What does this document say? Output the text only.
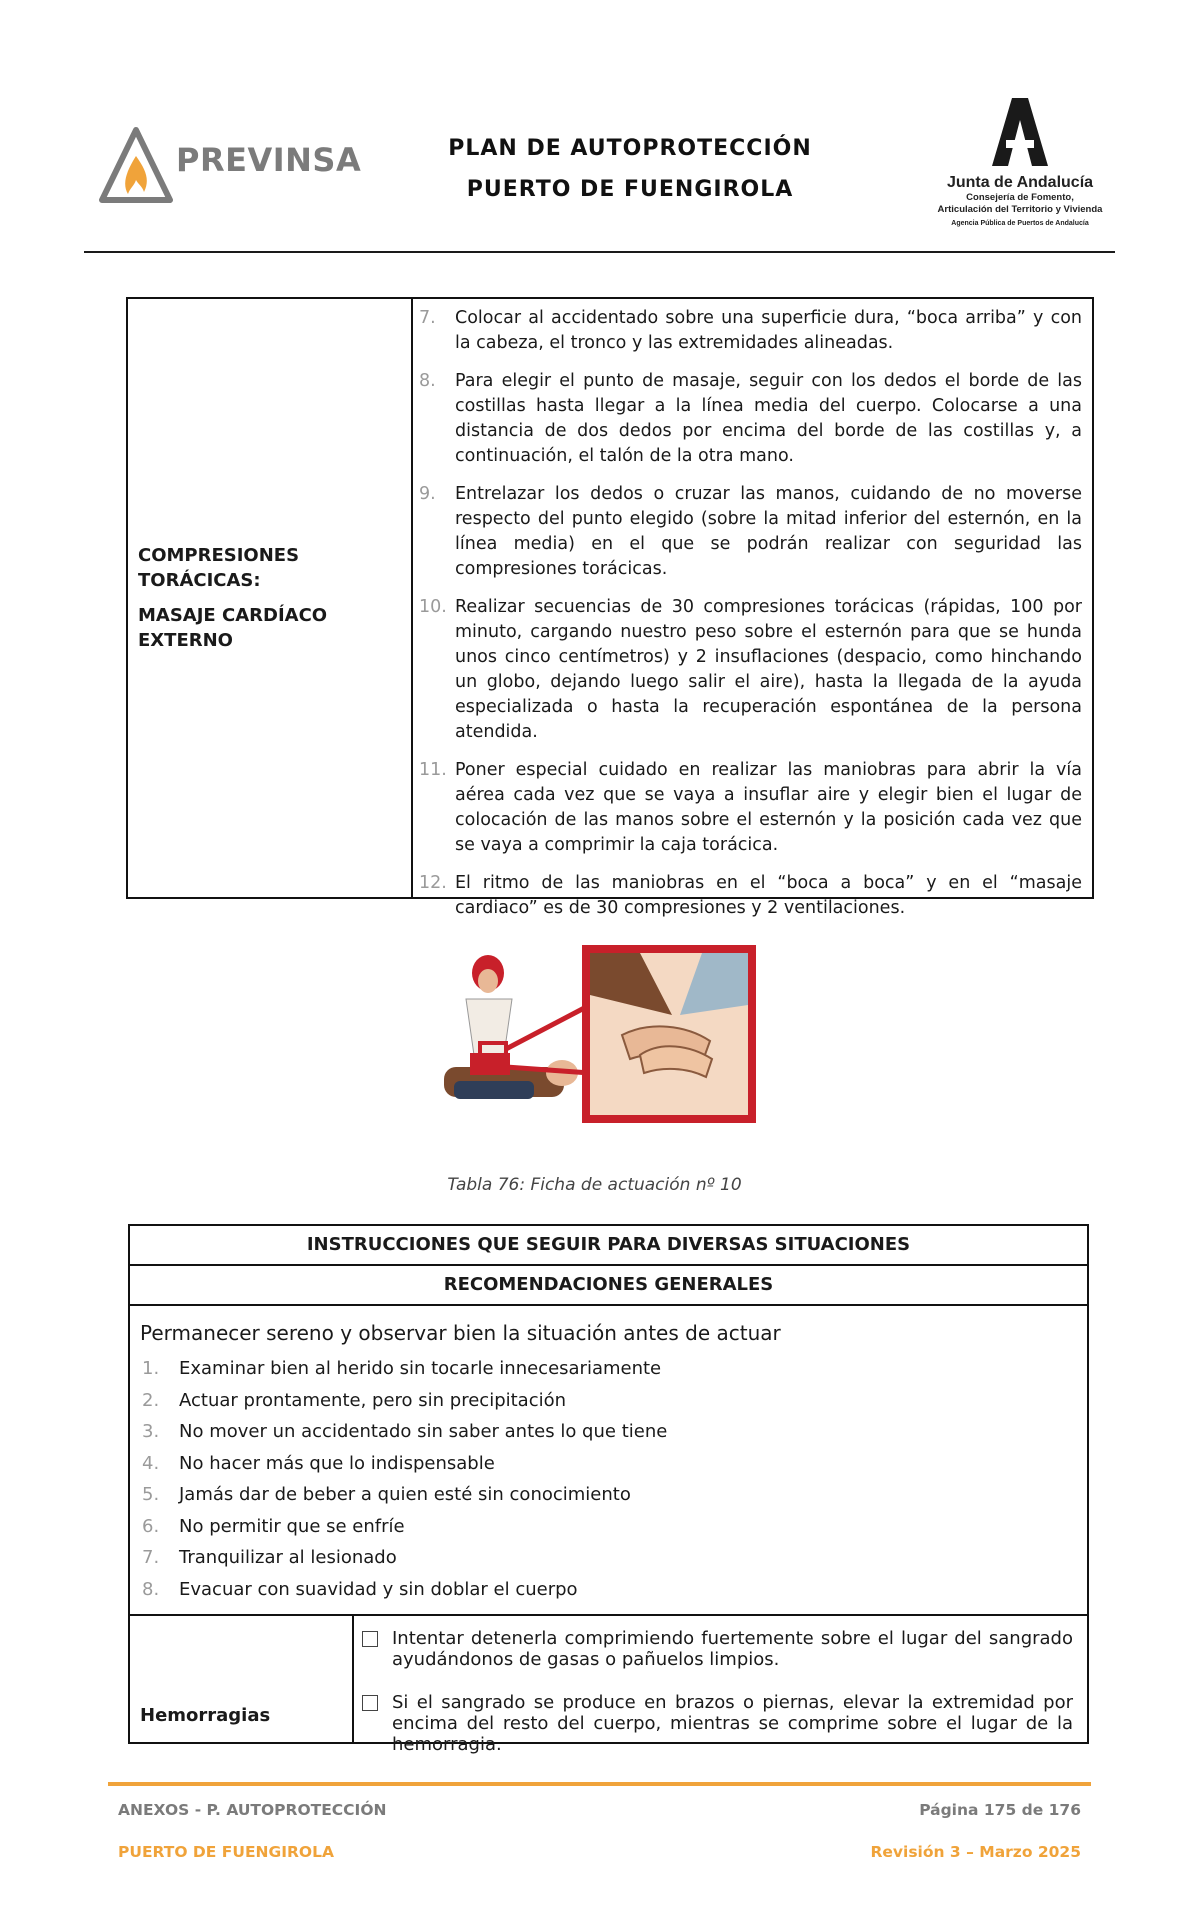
PREVINSA	PLAN DE AUTOPROTECCIÓN
PUERTO DE FUENGIROLA	Junta de Andalucía
Consejería de Fomento,
Articulación del Territorio y Vivienda
Agencia Pública de Puertos de Andalucía
COMPRESIONES
TORÁCICAS:
MASAJE CARDÍACO
EXTERNO
7.	Colocar al accidentado sobre una superficie dura, “boca arriba” y con la cabeza, el tronco y las extremidades alineadas.
8.	Para elegir el punto de masaje, seguir con los dedos el borde de las costillas hasta llegar a la línea media del cuerpo. Colocarse a una distancia de dos dedos por encima del borde de las costillas y, a continuación, el talón de la otra mano.
9.	Entrelazar los dedos o cruzar las manos, cuidando de no moverse respecto del punto elegido (sobre la mitad inferior del esternón, en la línea media) en el que se podrán realizar con seguridad las compresiones torácicas.
10. Realizar secuencias de 30 compresiones torácicas (rápidas, 100 por minuto, cargando nuestro peso sobre el esternón para que se hunda unos cinco centímetros) y 2 insuflaciones (despacio, como hinchando un globo, dejando luego salir el aire), hasta la llegada de la ayuda especializada o hasta la recuperación espontánea de la persona atendida.
11. Poner especial cuidado en realizar las maniobras para abrir la vía aérea cada vez que se vaya a insuflar aire y elegir bien el lugar de colocación de las manos sobre el esternón y la posición cada vez que se vaya a comprimir la caja torácica.
12. El ritmo de las maniobras en el “boca a boca” y en el “masaje cardiaco” es de 30 compresiones y 2 ventilaciones.
Tabla 76: Ficha de actuación nº 10
INSTRUCCIONES QUE SEGUIR PARA DIVERSAS SITUACIONES
RECOMENDACIONES GENERALES
Permanecer sereno y observar bien la situación antes de actuar
1.	Examinar bien al herido sin tocarle innecesariamente
2.	Actuar prontamente, pero sin precipitación
3.	No mover un accidentado sin saber antes lo que tiene
4.	No hacer más que lo indispensable
5.	Jamás dar de beber a quien esté sin conocimiento
6.	No permitir que se enfríe
7.	Tranquilizar al lesionado
8.	Evacuar con suavidad y sin doblar el cuerpo
Hemorragias
Intentar detenerla comprimiendo fuertemente sobre el lugar del sangrado ayudándonos de gasas o pañuelos limpios.
Si el sangrado se produce en brazos o piernas, elevar la extremidad por encima del resto del cuerpo, mientras se comprime sobre el lugar de la hemorragia.
ANEXOS - P. AUTOPROTECCIÓN	Página 175 de 176
PUERTO DE FUENGIROLA	Revisión 3 – Marzo 2025
